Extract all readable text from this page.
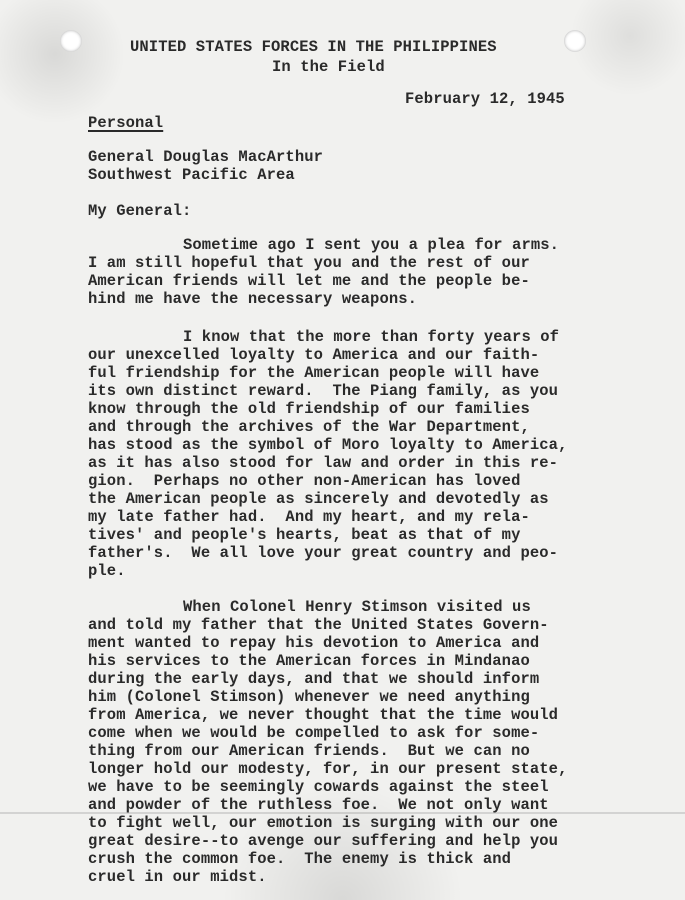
UNITED STATES FORCES IN THE PHILIPPINES
In the Field
February 12, 1945
Personal
General Douglas MacArthur
Southwest Pacific Area
My General:
Sometime ago I sent you a plea for arms.
I am still hopeful that you and the rest of our
American friends will let me and the people be-
hind me have the necessary weapons.
I know that the more than forty years of
our unexcelled loyalty to America and our faith-
ful friendship for the American people will have
its own distinct reward.  The Piang family, as you
know through the old friendship of our families
and through the archives of the War Department,
has stood as the symbol of Moro loyalty to America,
as it has also stood for law and order in this re-
gion.  Perhaps no other non-American has loved
the American people as sincerely and devotedly as
my late father had.  And my heart, and my rela-
tives' and people's hearts, beat as that of my
father's.  We all love your great country and peo-
ple.
When Colonel Henry Stimson visited us
and told my father that the United States Govern-
ment wanted to repay his devotion to America and
his services to the American forces in Mindanao
during the early days, and that we should inform
him (Colonel Stimson) whenever we need anything
from America, we never thought that the time would
come when we would be compelled to ask for some-
thing from our American friends.  But we can no
longer hold our modesty, for, in our present state,
we have to be seemingly cowards against the steel
and powder of the ruthless foe.  We not only want
to fight well, our emotion is surging with our one
great desire--to avenge our suffering and help you
crush the common foe.  The enemy is thick and
cruel in our midst.
